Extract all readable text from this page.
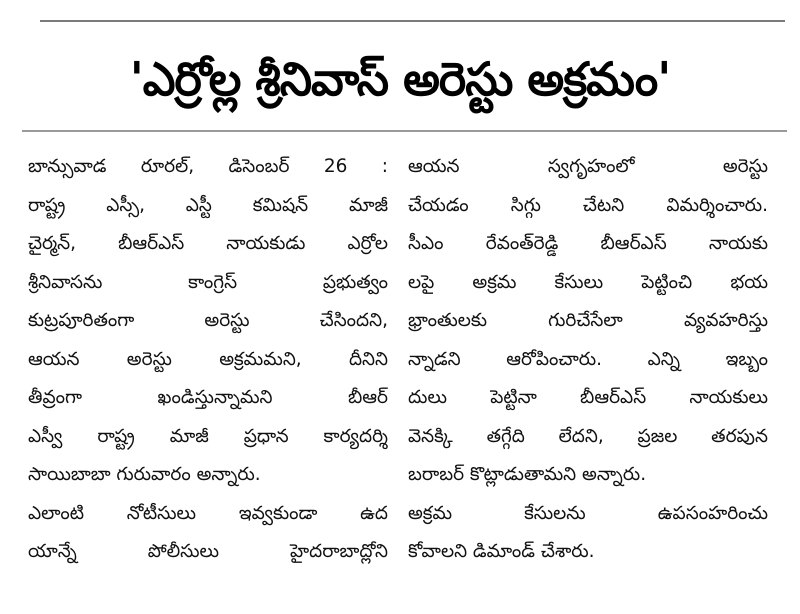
'ఎర్రోల్ల శ్రీనివాస్ అరెస్టు అక్రమం'
బాన్సువాడ రూరల్, డిసెంబర్ 26 :
రాష్ట్ర ఎస్సీ, ఎస్టీ కమిషన్ మాజీ
చైర్మన్, బీఆర్ఎస్ నాయకుడు ఎర్రోల
శ్రీనివాసను కాంగ్రెస్ ప్రభుత్వం
కుట్రపూరితంగా అరెస్టు చేసిందని,
ఆయన అరెస్టు అక్రమమని, దీనిని
తీవ్రంగా ఖండిస్తున్నామని బీఆర్
ఎస్వీ రాష్ట్ర మాజీ ప్రధాన కార్యదర్శి
సాయిబాబా గురువారం అన్నారు.
ఎలాంటి నోటీసులు ఇవ్వకుండా ఉద
యాన్నే పోలీసులు హైదరాబాద్లోని
ఆయన స్వగృహంలో అరెస్టు
చేయడం సిగ్గు చేటని విమర్శించారు.
సీఎం రేవంత్‌రెడ్డి బీఆర్ఎస్ నాయకు
లపై అక్రమ కేసులు పెట్టించి భయ
భ్రాంతులకు గురిచేసేలా వ్యవహరిస్తు
న్నాడని ఆరోపించారు. ఎన్ని ఇబ్బం
దులు పెట్టినా బీఆర్ఎస్ నాయకులు
వెనక్కి తగ్గేది లేదని, ప్రజల తరపున
బరాబర్ కొట్లాడుతామని అన్నారు.
అక్రమ కేసులను ఉపసంహరించు
కోవాలని డిమాండ్ చేశారు.
